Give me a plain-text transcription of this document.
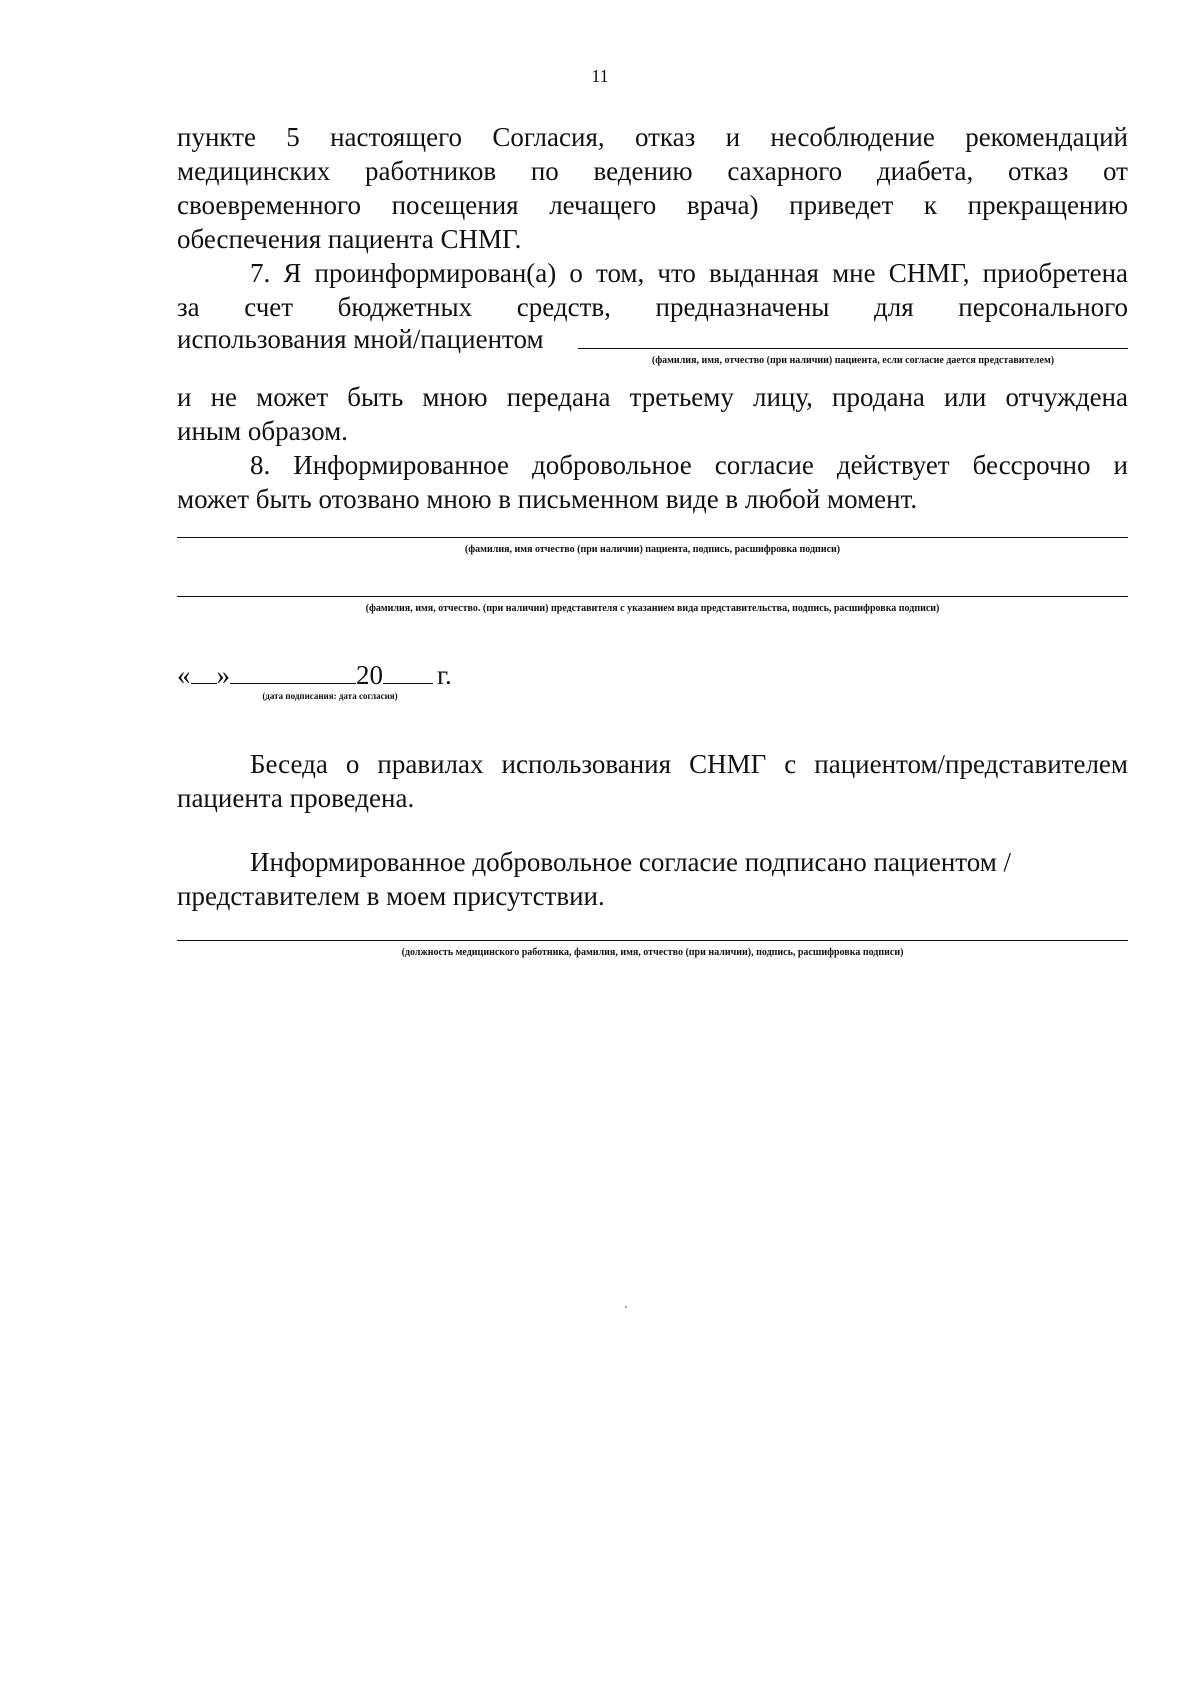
11
пункте 5 настоящего Согласия, отказ и несоблюдение рекомендаций
медицинских работников по ведению сахарного диабета, отказ от
своевременного посещения лечащего врача) приведет к прекращению
обеспечения пациента СНМГ.
7. Я проинформирован(а) о том, что выданная мне СНМГ, приобретена
за счет бюджетных средств, предназначены для персонального
использования мной/пациентом
(фамилия, имя, отчество (при наличии) пациента, если согласие дается представителем)
и не может быть мною передана третьему лицу, продана или отчуждена
иным образом.
8. Информированное добровольное согласие действует бессрочно и
может быть отозвано мною в письменном виде в любой момент.
(фамилия, имя отчество (при наличии) пациента, подпись, расшифровка подписи)
(фамилия, имя, отчество. (при наличии) представителя с указанием вида представительства, подпись, расшифровка подписи)
« »	20 г.
(дата подписания: дата согласия)
Беседа о правилах использования СНМГ с пациентом/представителем
пациента проведена.
Информированное добровольное согласие подписано пациентом /
представителем в моем присутствии.
(должность медицинского работника, фамилия, имя, отчество (при наличии), подпись, расшифровка подписи)
